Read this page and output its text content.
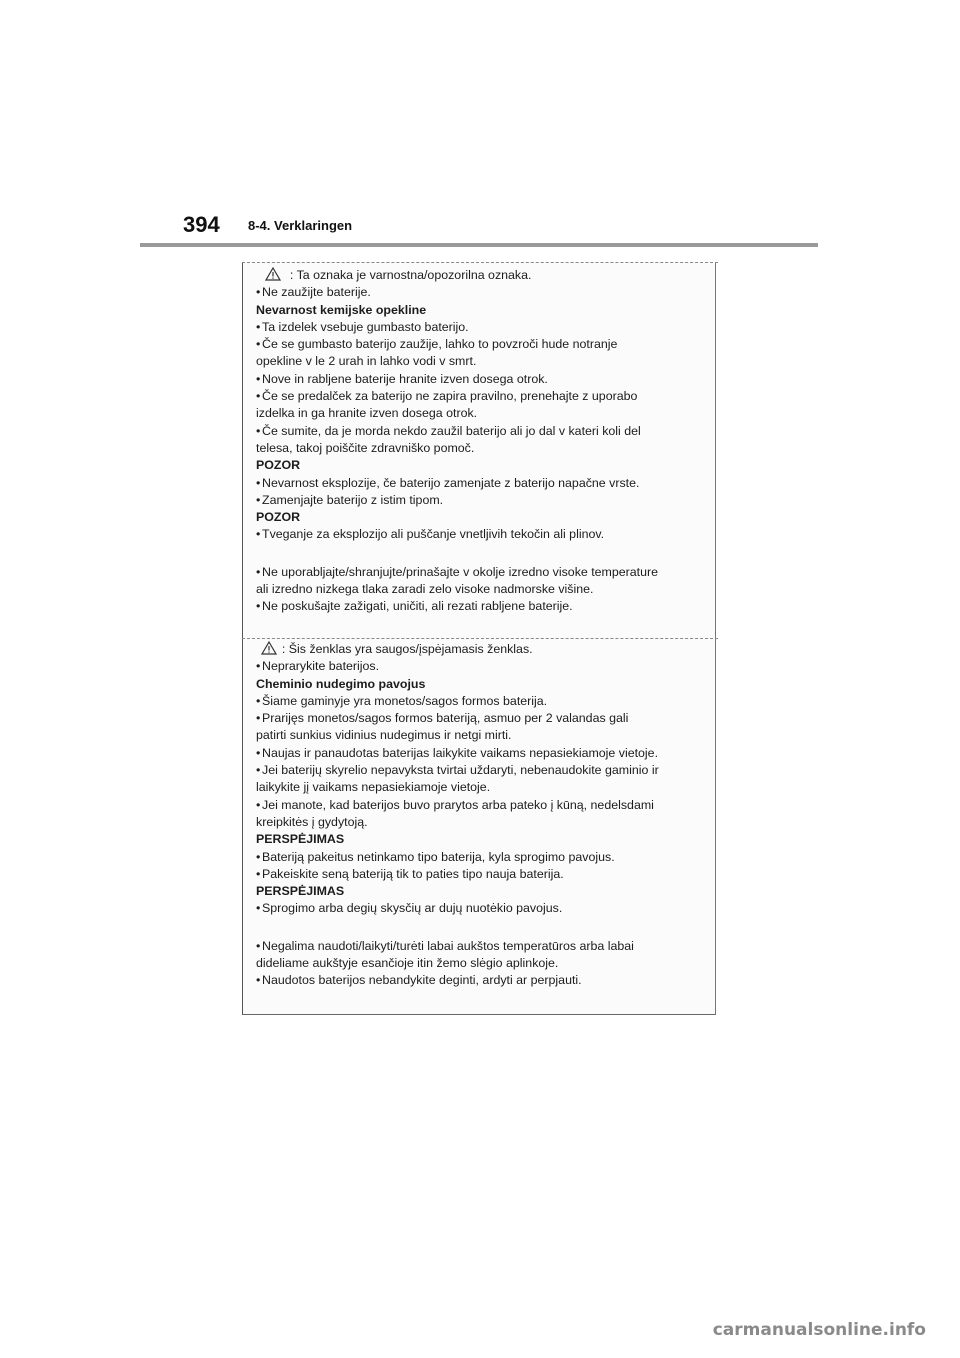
394 8-4. Verklaringen
: Ta oznaka je varnostna/opozorilna oznaka.
• Ne zaužijte baterije.
Nevarnost kemijske opekline
• Ta izdelek vsebuje gumbasto baterijo.
• Če se gumbasto baterijo zaužije, lahko to povzroči hude notranje
opekline v le 2 urah in lahko vodi v smrt.
• Nove in rabljene baterije hranite izven dosega otrok.
• Če se predalček za baterijo ne zapira pravilno, prenehajte z uporabo
izdelka in ga hranite izven dosega otrok.
• Če sumite, da je morda nekdo zaužil baterijo ali jo dal v kateri koli del
telesa, takoj poiščite zdravniško pomoč.
POZOR
• Nevarnost eksplozije, če baterijo zamenjate z baterijo napačne vrste.
• Zamenjajte baterijo z istim tipom.
POZOR
• Tveganje za eksplozijo ali puščanje vnetljivih tekočin ali plinov.
• Ne uporabljajte/shranjujte/prinašajte v okolje izredno visoke temperature
ali izredno nizkega tlaka zaradi zelo visoke nadmorske višine.
• Ne poskušajte zažigati, uničiti, ali rezati rabljene baterije.
: Šis ženklas yra saugos/įspėjamasis ženklas.
• Neprarykite baterijos.
Cheminio nudegimo pavojus
• Šiame gaminyje yra monetos/sagos formos baterija.
• Prarijęs monetos/sagos formos bateriją, asmuo per 2 valandas gali
patirti sunkius vidinius nudegimus ir netgi mirti.
• Naujas ir panaudotas baterijas laikykite vaikams nepasiekiamoje vietoje.
• Jei baterijų skyrelio nepavyksta tvirtai uždaryti, nebenaudokite gaminio ir
laikykite jį vaikams nepasiekiamoje vietoje.
• Jei manote, kad baterijos buvo prarytos arba pateko į kūną, nedelsdami
kreipkitės į gydytoją.
PERSPĖJIMAS
• Bateriją pakeitus netinkamo tipo baterija, kyla sprogimo pavojus.
• Pakeiskite seną bateriją tik to paties tipo nauja baterija.
PERSPĖJIMAS
• Sprogimo arba degių skysčių ar dujų nuotėkio pavojus.
• Negalima naudoti/laikyti/turėti labai aukštos temperatūros arba labai
dideliame aukštyje esančioje itin žemo slėgio aplinkoje.
• Naudotos baterijos nebandykite deginti, ardyti ar perpjauti.
carmanualsonline.info
